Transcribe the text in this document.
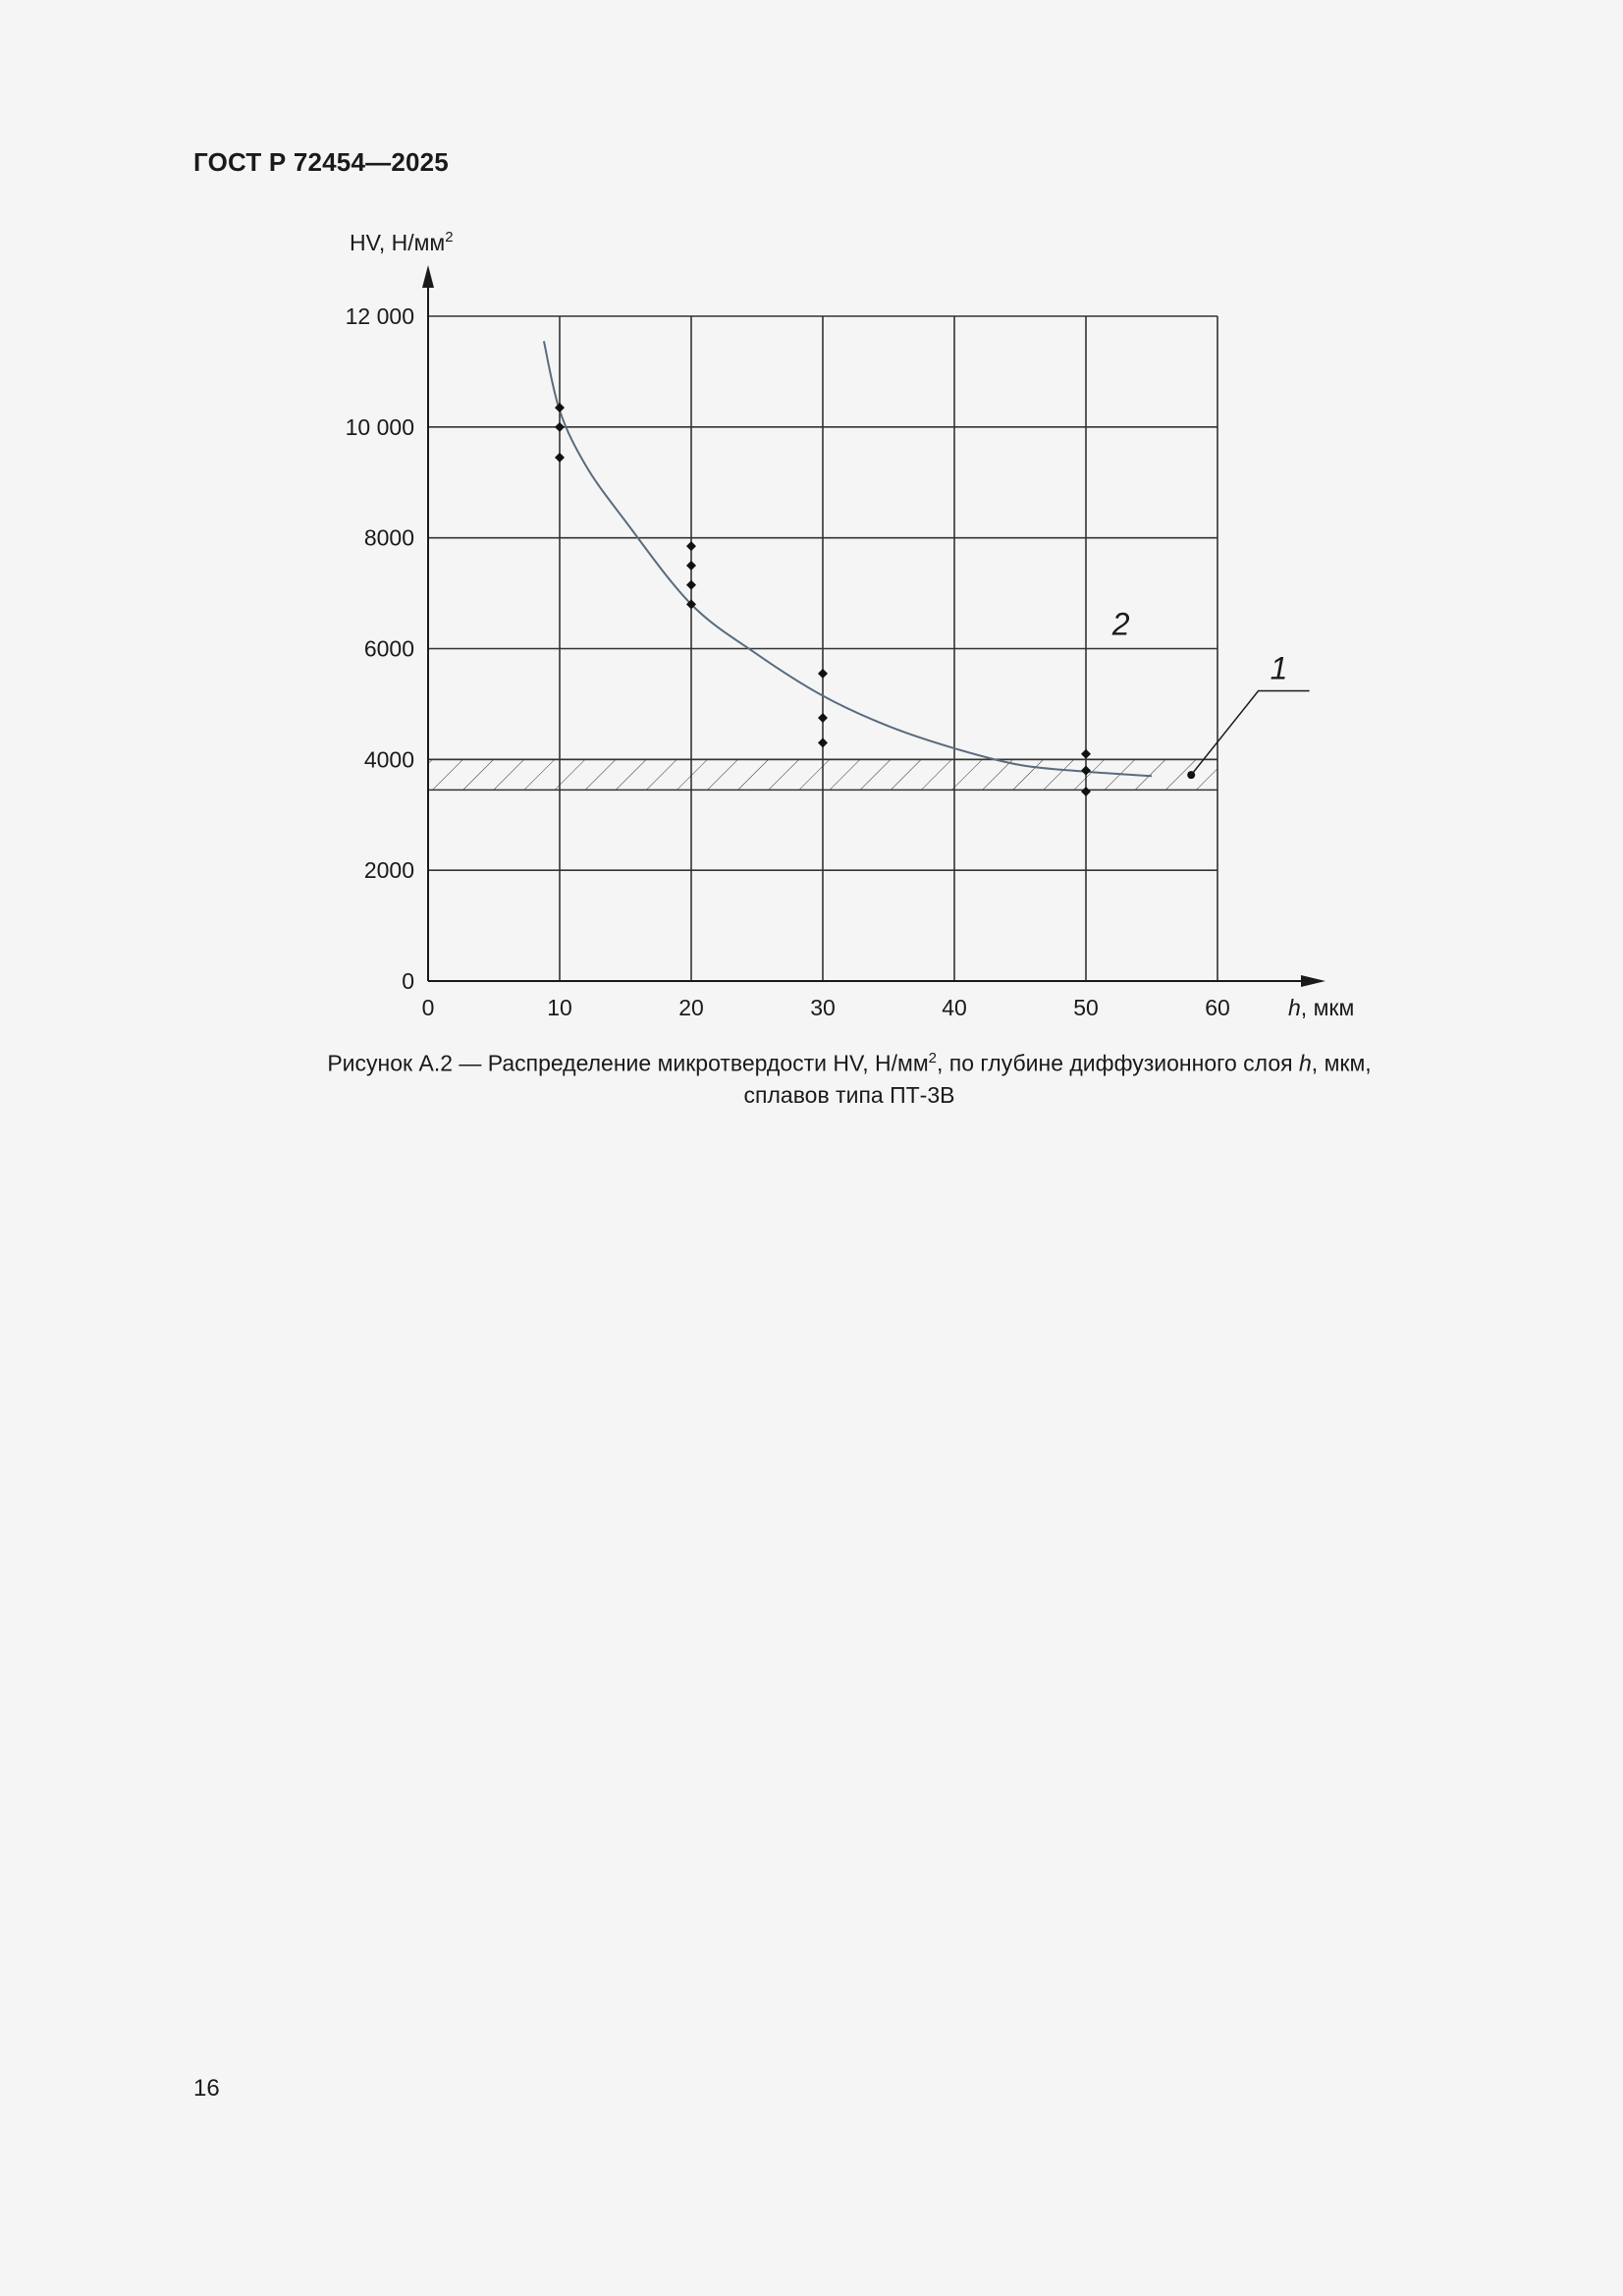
ГОСТ Р 72454—2025
0	10	20	30	40	50	60
0
2000
4000
6000
8000
10 000
12 000
HV, $Н/мм^2$
h, мкм
1
2
Рисунок А.2 — Распределение микротвердости HV, $Н/мм^2$, по глубине диффузионного слоя h, мкм,
сплавов типа ПТ-3В
16
